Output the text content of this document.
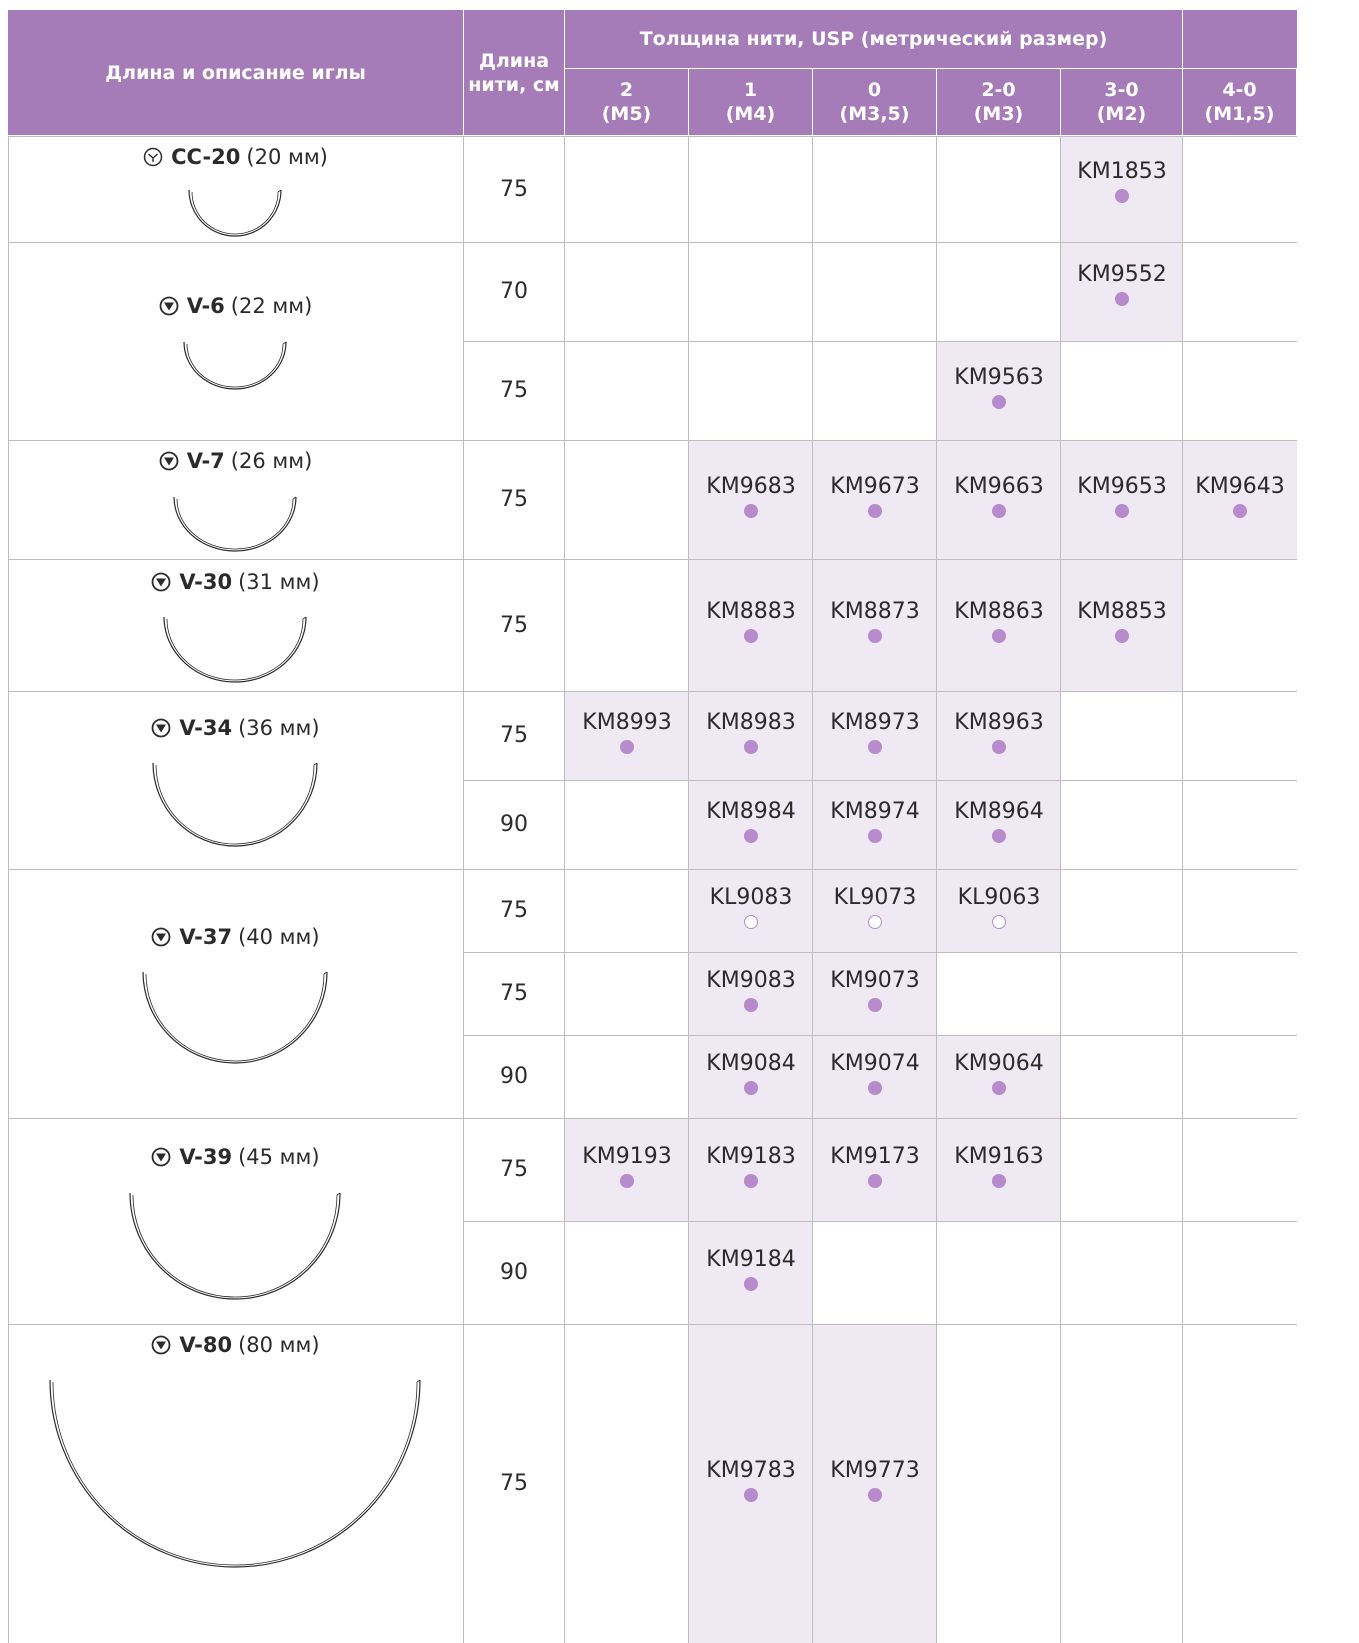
Длина и описание иглы
Длина
нити, см
Толщина нити, USP (метрический размер)
2
(M5)
1
(M4)
0
(M3,5)
2-0
(M3)
3-0
(M2)
4-0
(M1,5)
75
KM1853
CC-20 (20 мм)
70
KM9552
75
KM9563
V-6 (22 мм)
75
KM9683 KM9673 KM9663 KM9653 KM9643
V-7 (26 мм)
75
KM8883 KM8873 KM8863 KM8853
V-30 (31 мм)
75
KM8993 KM8983 KM8973 KM8963
90
KM8984 KM8974 KM8964
V-34 (36 мм)
75
KL9083 KL9073 KL9063
75
KM9083 KM9073
90
KM9084 KM9074 KM9064
V-37 (40 мм)
75
KM9193 KM9183 KM9173 KM9163
90
KM9184
V-39 (45 мм)
75
KM9783 KM9773
V-80 (80 мм)
